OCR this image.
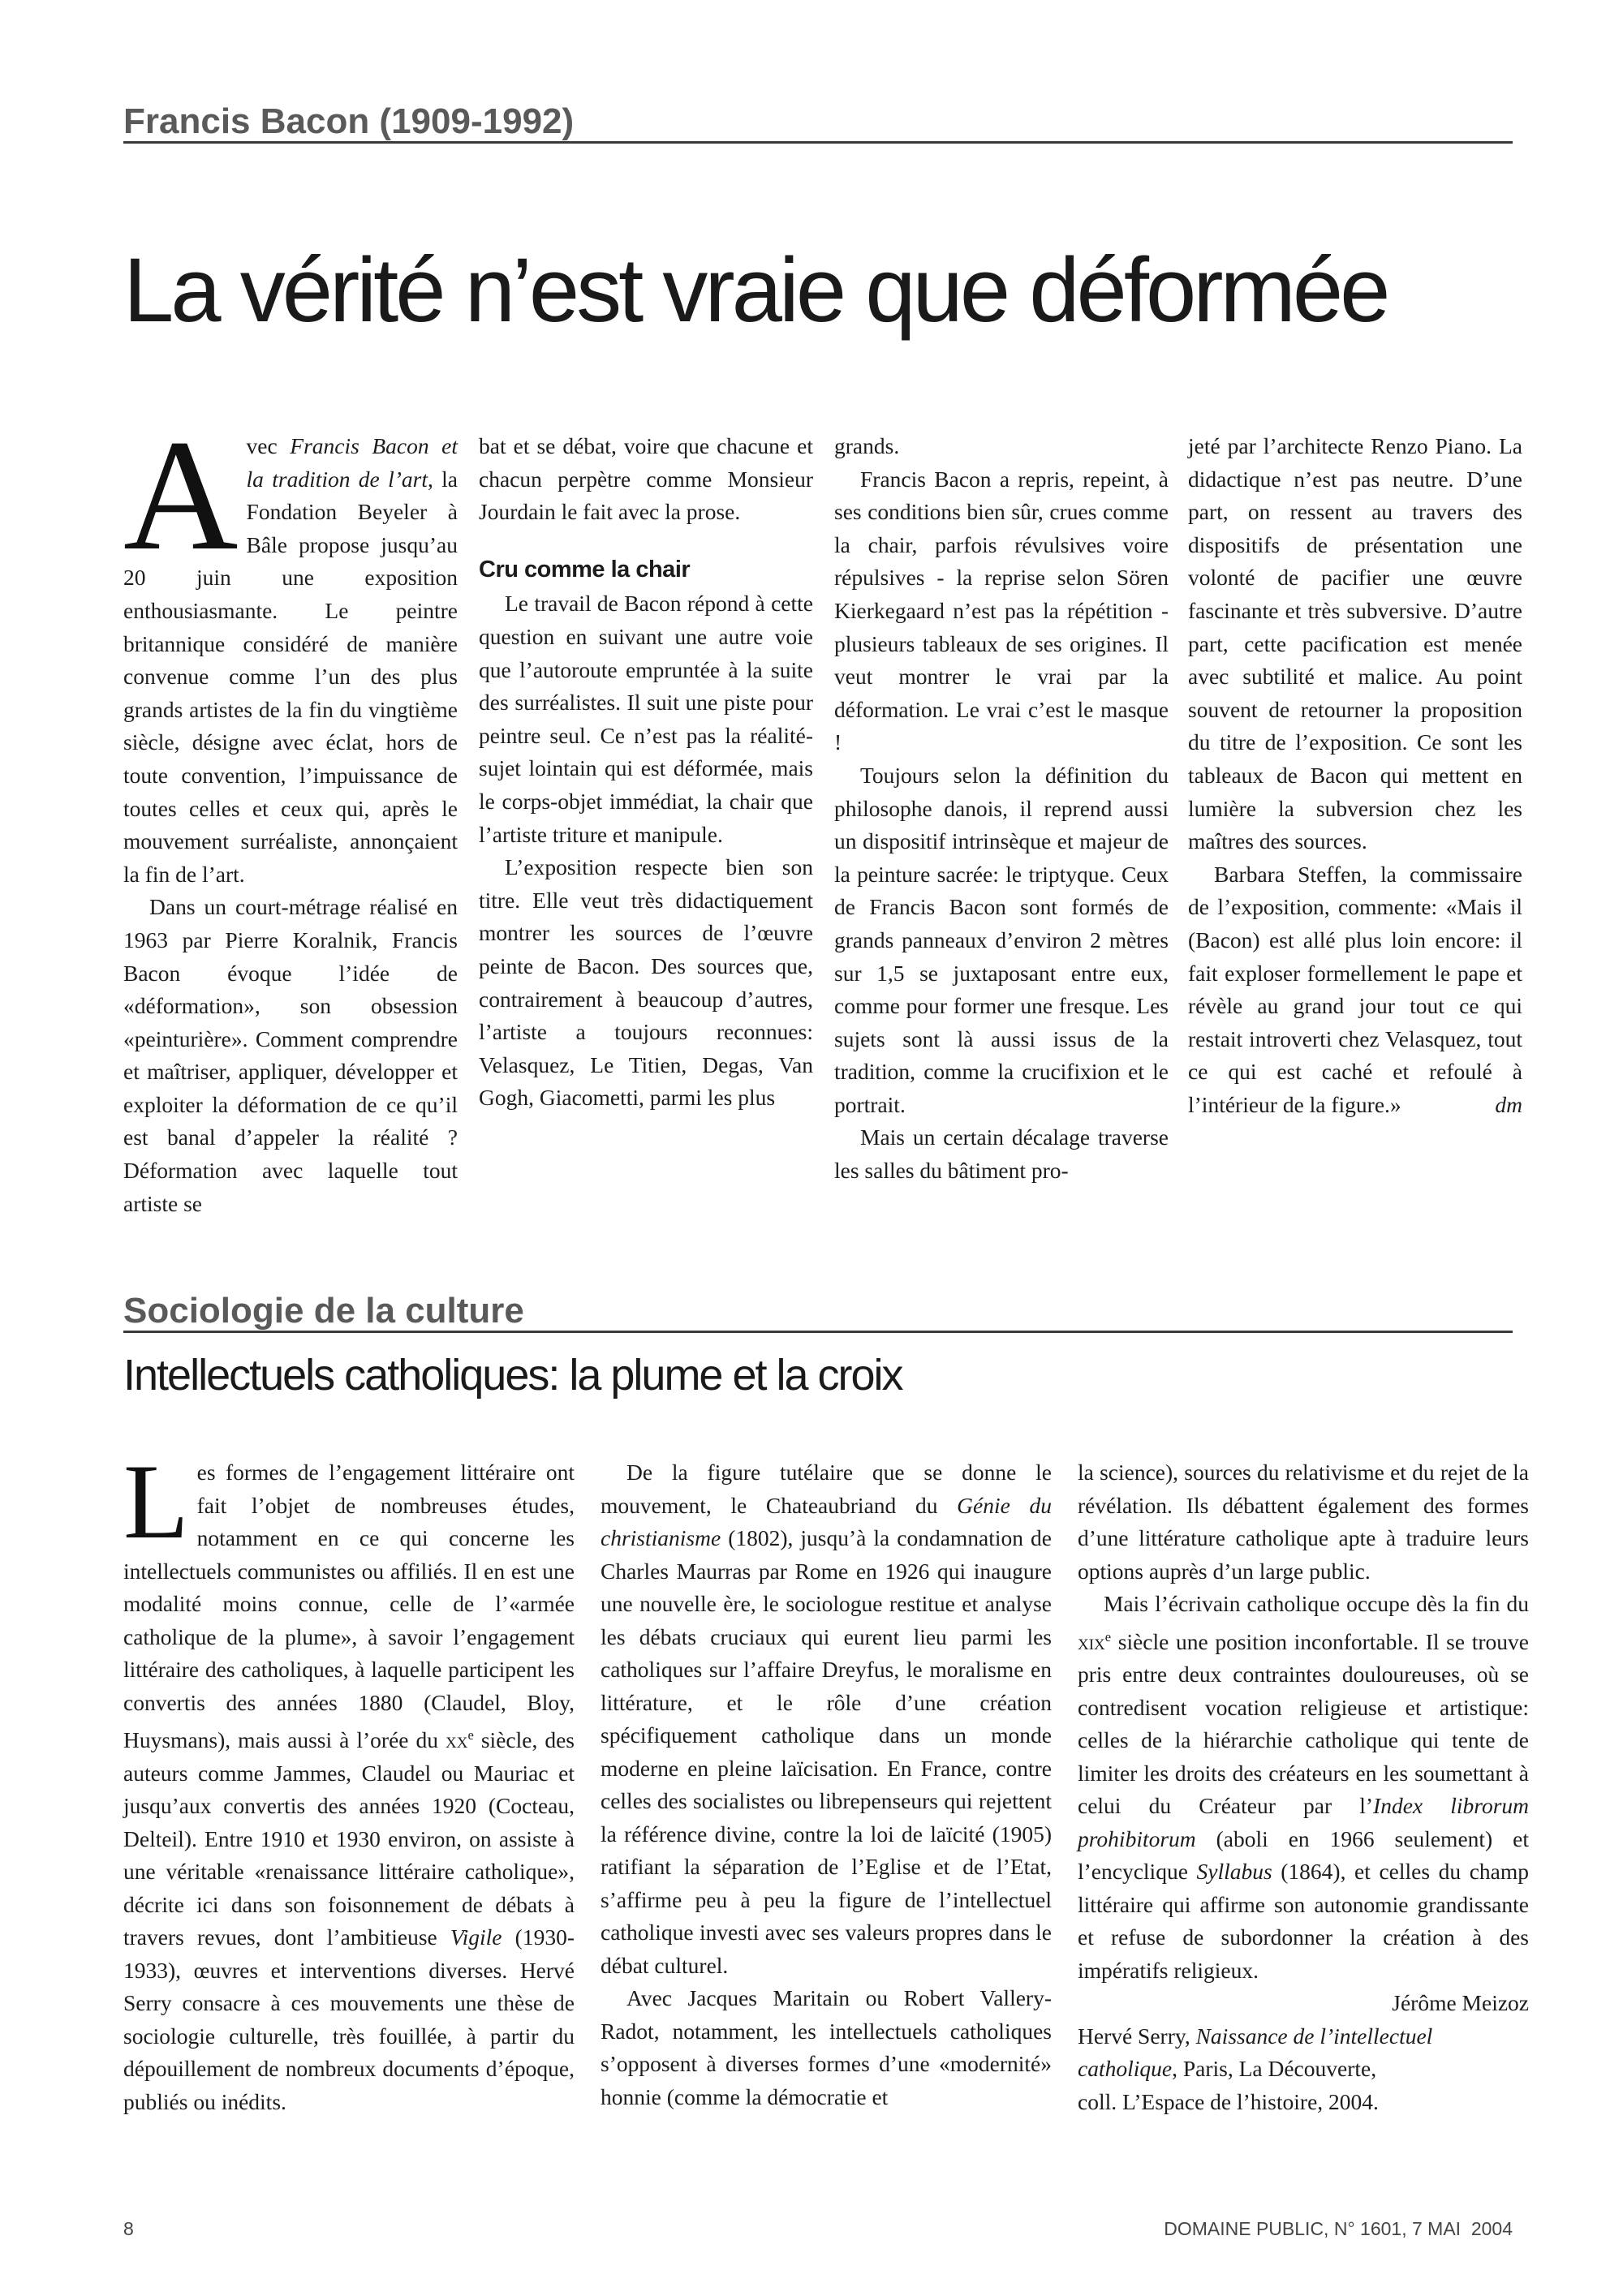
Francis Bacon (1909-1992)
La vérité n’est vraie que déformée

Avec Francis Bacon et la tradition de l’art, la Fondation Beyeler à Bâle propose jusqu’au 20 juin une exposition enthousiasmante. Le peintre britannique considéré de manière convenue comme l’un des plus grands artistes de la fin du vingtième siècle, désigne avec éclat, hors de toute convention, l’impuissance de toutes celles et ceux qui, après le mouvement surréaliste, annonçaient la fin de l’art.

Dans un court-métrage réalisé en 1963 par Pierre Koralnik, Francis Bacon évoque l’idée de «déformation», son obsession «peinturière». Comment comprendre et maîtriser, appliquer, développer et exploiter la déformation de ce qu’il est banal d’appeler la réalité ? Déformation avec laquelle tout artiste se

bat et se débat, voire que chacune et chacun perpètre comme Monsieur Jourdain le fait avec la prose.

Cru comme la chair

Le travail de Bacon répond à cette question en suivant une autre voie que l’autoroute empruntée à la suite des surréalistes. Il suit une piste pour peintre seul. Ce n’est pas la réalité-sujet lointain qui est déformée, mais le corps-objet immédiat, la chair que l’artiste triture et manipule.

L’exposition respecte bien son titre. Elle veut très didactiquement montrer les sources de l’œuvre peinte de Bacon. Des sources que, contrairement à beaucoup d’autres, l’artiste a toujours reconnues: Velasquez, Le Titien, Degas, Van Gogh, Giacometti, parmi les plus

grands.

Francis Bacon a repris, repeint, à ses conditions bien sûr, crues comme la chair, parfois révulsives voire répulsives - la reprise selon Sören Kierkegaard n’est pas la répétition - plusieurs tableaux de ses origines. Il veut montrer le vrai par la déformation. Le vrai c’est le masque !

Toujours selon la définition du philosophe danois, il reprend aussi un dispositif intrinsèque et majeur de la peinture sacrée: le triptyque. Ceux de Francis Bacon sont formés de grands panneaux d’environ 2 mètres sur 1,5 se juxtaposant entre eux, comme pour former une fresque. Les sujets sont là aussi issus de la tradition, comme la crucifixion et le portrait.

Mais un certain décalage traverse les salles du bâtiment pro-

jeté par l’architecte Renzo Piano. La didactique n’est pas neutre. D’une part, on ressent au travers des dispositifs de présentation une volonté de pacifier une œuvre fascinante et très subversive. D’autre part, cette pacification est menée avec subtilité et malice. Au point souvent de retourner la proposition du titre de l’exposition. Ce sont les tableaux de Bacon qui mettent en lumière la subversion chez les maîtres des sources.

Barbara Steffen, la commissaire de l’exposition, commente: «Mais il (Bacon) est allé plus loin encore: il fait exploser formellement le pape et révèle au grand jour tout ce qui restait introverti chez Velasquez, tout ce qui est caché et refoulé à l’intérieur de la figure.»	dm
Sociologie de la culture
Intellectuels catholiques: la plume et la croix

Les formes de l’engagement littéraire ont fait l’objet de nombreuses études, notamment en ce qui concerne les intellectuels communistes ou affiliés. Il en est une modalité moins connue, celle de l’«armée catholique de la plume», à savoir l’engagement littéraire des catholiques, à laquelle participent les convertis des années 1880 (Claudel, Bloy, Huysmans), mais aussi à l’orée du $xx^e$ siècle, des auteurs comme Jammes, Claudel ou Mauriac et jusqu’aux convertis des années 1920 (Cocteau, Delteil). Entre 1910 et 1930 environ, on assiste à une véritable «renaissance littéraire catholique», décrite ici dans son foisonnement de débats à travers revues, dont l’ambitieuse Vigile (1930-1933), œuvres et interventions diverses. Hervé Serry consacre à ces mouvements une thèse de sociologie culturelle, très fouillée, à partir du dépouillement de nombreux documents d’époque, publiés ou inédits.

De la figure tutélaire que se donne le mouvement, le Chateaubriand du Génie du christianisme (1802), jusqu’à la condamnation de Charles Maurras par Rome en 1926 qui inaugure une nouvelle ère, le sociologue restitue et analyse les débats cruciaux qui eurent lieu parmi les catholiques sur l’affaire Dreyfus, le moralisme en littérature, et le rôle d’une création spécifiquement catholique dans un monde moderne en pleine laïcisation. En France, contre celles des socialistes ou librepenseurs qui rejettent la référence divine, contre la loi de laïcité (1905) ratifiant la séparation de l’Eglise et de l’Etat, s’affirme peu à peu la figure de l’intellectuel catholique investi avec ses valeurs propres dans le débat culturel.

Avec Jacques Maritain ou Robert Vallery-Radot, notamment, les intellectuels catholiques s’opposent à diverses formes d’une «modernité» honnie (comme la démocratie et

la science), sources du relativisme et du rejet de la révélation. Ils débattent également des formes d’une littérature catholique apte à traduire leurs options auprès d’un large public.

Mais l’écrivain catholique occupe dès la fin du xix$^e$ siècle une position inconfortable. Il se trouve pris entre deux contraintes douloureuses, où se contredisent vocation religieuse et artistique: celles de la hiérarchie catholique qui tente de limiter les droits des créateurs en les soumettant à celui du Créateur par l’Index librorum prohibitorum (aboli en 1966 seulement) et l’encyclique Syllabus (1864), et celles du champ littéraire qui affirme son autonomie grandissante et refuse de subordonner la création à des impératifs religieux.

Jérôme Meizoz

Hervé Serry, Naissance de l’intellectuel catholique, Paris, La Découverte,
coll. L’Espace de l’histoire, 2004.

8	DOMAINE PUBLIC, N° 1601, 7 MAI  2004
